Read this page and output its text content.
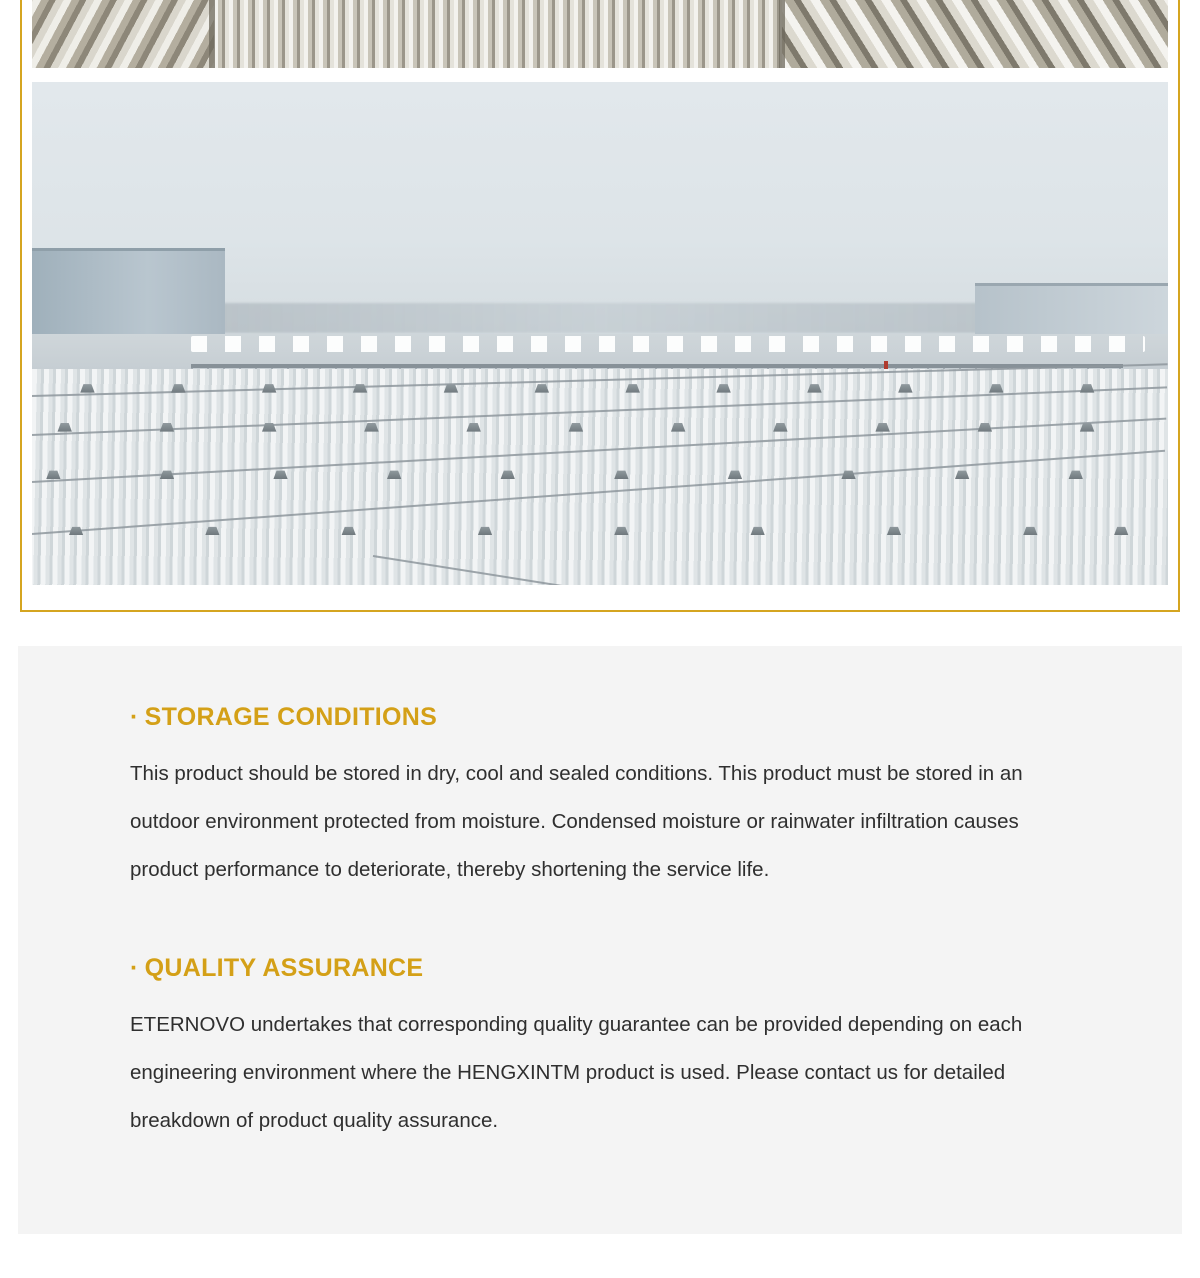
· STORAGE CONDITIONS

This product should be stored in dry, cool and sealed conditions. This product must be stored in an outdoor environment protected from moisture. Condensed moisture or rainwater infiltration causes product performance to deteriorate, thereby shortening the service life.

· QUALITY ASSURANCE

ETERNOVO undertakes that corresponding quality guarantee can be provided depending on each engineering environment where the HENGXINTM product is used. Please contact us for detailed breakdown of product quality assurance.
